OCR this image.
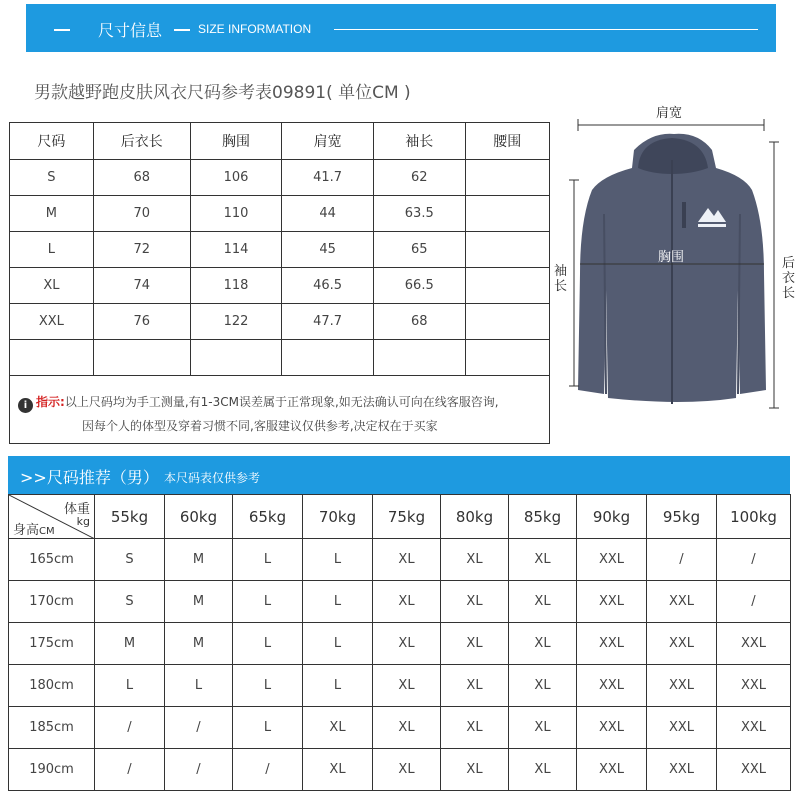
尺寸信息	SIZE INFORMATION
男款越野跑皮肤风衣尺码参考表09891( 单位CM )
尺码	后衣长	胸围	肩宽	袖长	腰围
S	68	106	41.7	62	
M	70	110	44	63.5	
L	72	114	45	65	
XL	74	118	46.5	66.5	
XXL	76	122	47.7	68	

i 指示:以上尺码均为手工测量,有1-3CM误差属于正常现象,如无法确认可向在线客服咨询,
因每个人的体型及穿着习惯不同,客服建议仅供参考,决定权在于买家					
肩宽
胸围
袖长
后衣长
>>尺码推荐（男） 本尺码表仅供参考
体重
kg
身高CM	55kg	60kg	65kg	70kg	75kg	80kg	85kg	90kg	95kg	100kg
165cm	S	M	L	L	XL	XL	XL	XXL	/	/
170cm	S	M	L	L	XL	XL	XL	XXL	XXL	/
175cm	M	M	L	L	XL	XL	XL	XXL	XXL	XXL
180cm	L	L	L	L	XL	XL	XL	XXL	XXL	XXL
185cm	/	/	L	XL	XL	XL	XL	XXL	XXL	XXL
190cm	/	/	/	XL	XL	XL	XL	XXL	XXL	XXL
